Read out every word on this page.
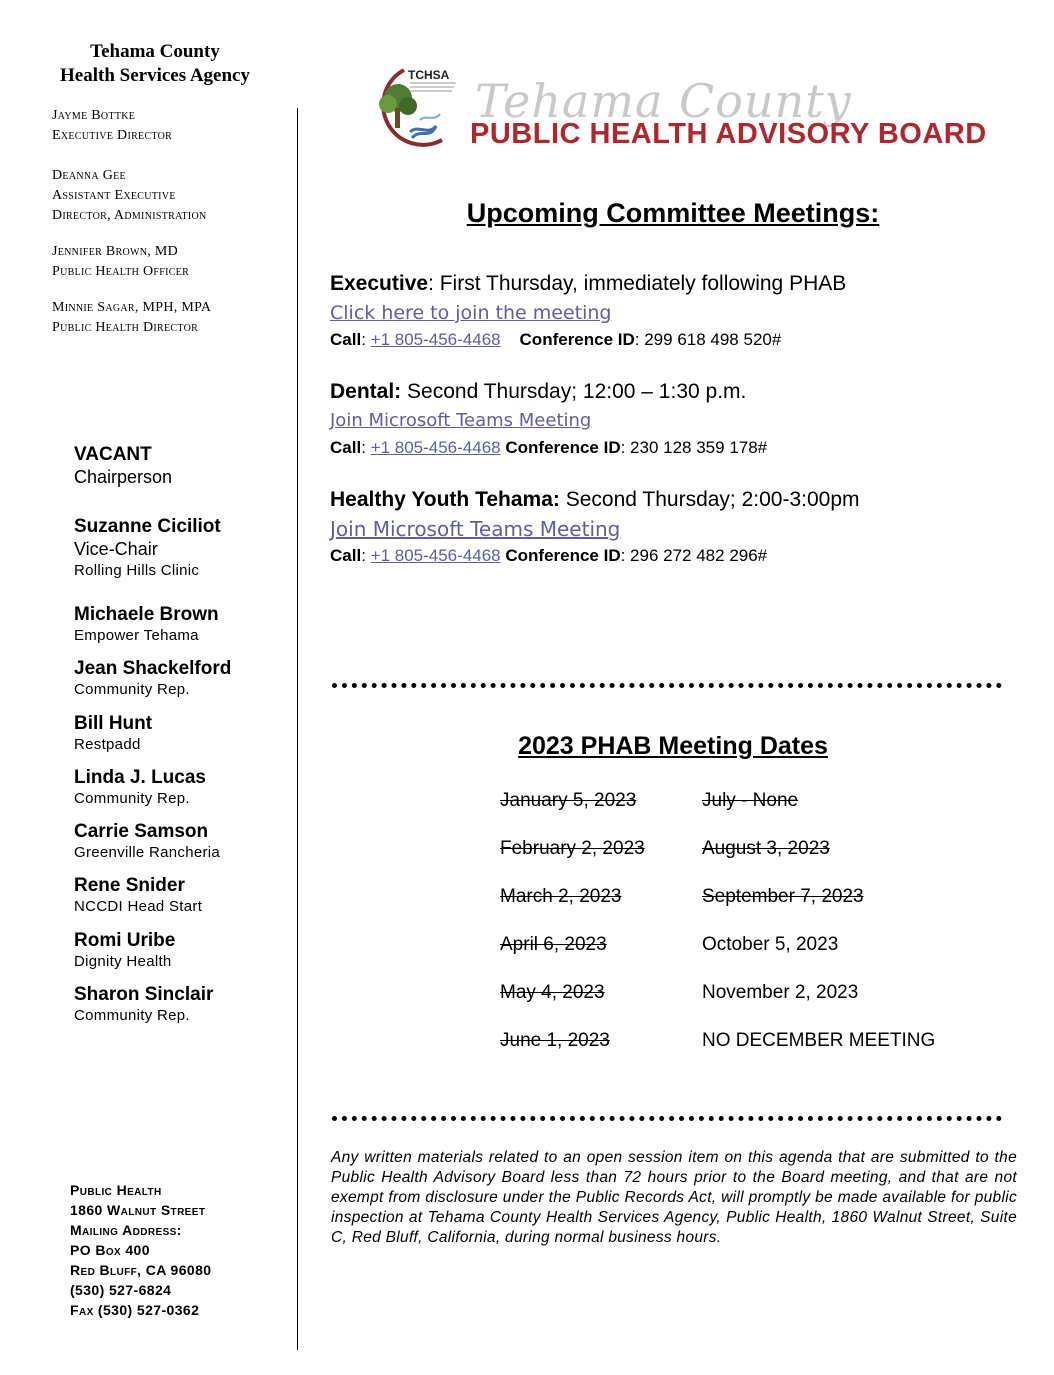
Tehama County
Health Services Agency
Jayme Bottke
Executive Director
Deanna Gee
Assistant Executive
Director, Administration
Jennifer Brown, MD
Public Health Officer
Minnie Sagar, MPH, MPA
Public Health Director
VACANT
Chairperson
Suzanne Ciciliot
Vice-Chair
Rolling Hills Clinic
Michaele Brown
Empower Tehama
Jean Shackelford
Community Rep.
Bill Hunt
Restpadd
Linda J. Lucas
Community Rep.
Carrie Samson
Greenville Rancheria
Rene Snider
NCCDI Head Start
Romi Uribe
Dignity Health
Sharon Sinclair
Community Rep.
Public Health
1860 Walnut Street
Mailing Address:
PO Box 400
Red Bluff, CA 96080
(530) 527-6824
Fax (530) 527-0362
TCHSA Tehama County
PUBLIC HEALTH ADVISORY BOARD
Upcoming Committee Meetings:
Executive: First Thursday, immediately following PHAB
Click here to join the meeting
Call: +1 805-456-4468 Conference ID: 299 618 498 520#
Dental: Second Thursday; 12:00 – 1:30 p.m.
Join Microsoft Teams Meeting
Call: +1 805-456-4468 Conference ID: 230 128 359 178#
Healthy Youth Tehama: Second Thursday; 2:00-3:00pm
Join Microsoft Teams Meeting
Call: +1 805-456-4468 Conference ID: 296 272 482 296#
2023 PHAB Meeting Dates
January 5, 2023
February 2, 2023
March 2, 2023
April 6, 2023
May 4, 2023
June 1, 2023
July - None
August 3, 2023
September 7, 2023
October 5, 2023
November 2, 2023
NO DECEMBER MEETING
Any written materials related to an open session item on this agenda that are submitted to the Public Health Advisory Board less than 72 hours prior to the Board meeting, and that are not exempt from disclosure under the Public Records Act, will promptly be made available for public inspection at Tehama County Health Services Agency, Public Health, 1860 Walnut Street, Suite C, Red Bluff, California, during normal business hours.
